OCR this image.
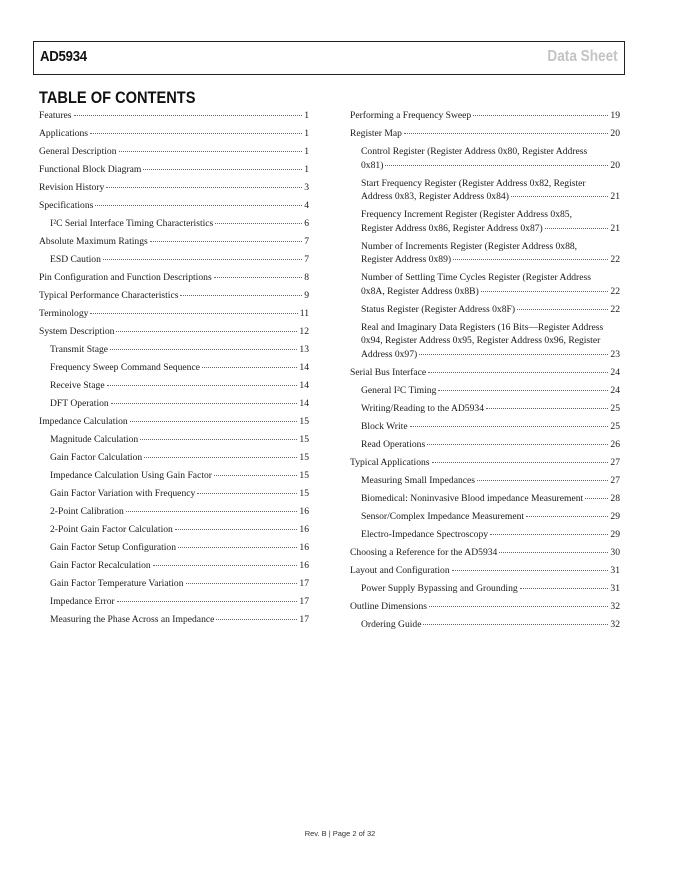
AD5934	Data Sheet
TABLE OF CONTENTS
Features	1
Applications	1
General Description	1
Functional Block Diagram	1
Revision History	3
Specifications	4
I²C Serial Interface Timing Characteristics	6
Absolute Maximum Ratings	7
ESD Caution	7
Pin Configuration and Function Descriptions	8
Typical Performance Characteristics	9
Terminology	11
System Description	12
Transmit Stage	13
Frequency Sweep Command Sequence	14
Receive Stage	14
DFT Operation	14
Impedance Calculation	15
Magnitude Calculation	15
Gain Factor Calculation	15
Impedance Calculation Using Gain Factor	15
Gain Factor Variation with Frequency	15
2-Point Calibration	16
2-Point Gain Factor Calculation	16
Gain Factor Setup Configuration	16
Gain Factor Recalculation	16
Gain Factor Temperature Variation	17
Impedance Error	17
Measuring the Phase Across an Impedance	17
Performing a Frequency Sweep	19
Register Map	20
Control Register (Register Address 0x80, Register Address
0x81)	20
Start Frequency Register (Register Address 0x82, Register
Address 0x83, Register Address 0x84)	21
Frequency Increment Register (Register Address 0x85,
Register Address 0x86, Register Address 0x87)	21
Number of Increments Register (Register Address 0x88,
Register Address 0x89)	22
Number of Settling Time Cycles Register (Register Address
0x8A, Register Address 0x8B)	22
Status Register (Register Address 0x8F)	22
Real and Imaginary Data Registers (16 Bits—Register Address
0x94, Register Address 0x95, Register Address 0x96, Register
Address 0x97)	23
Serial Bus Interface	24
General I²C Timing	24
Writing/Reading to the AD5934	25
Block Write	25
Read Operations	26
Typical Applications	27
Measuring Small Impedances	27
Biomedical: Noninvasive Blood impedance Measurement	28
Sensor/Complex Impedance Measurement	29
Electro-Impedance Spectroscopy	29
Choosing a Reference for the AD5934	30
Layout and Configuration	31
Power Supply Bypassing and Grounding	31
Outline Dimensions	32
Ordering Guide	32
Rev. B | Page 2 of 32
